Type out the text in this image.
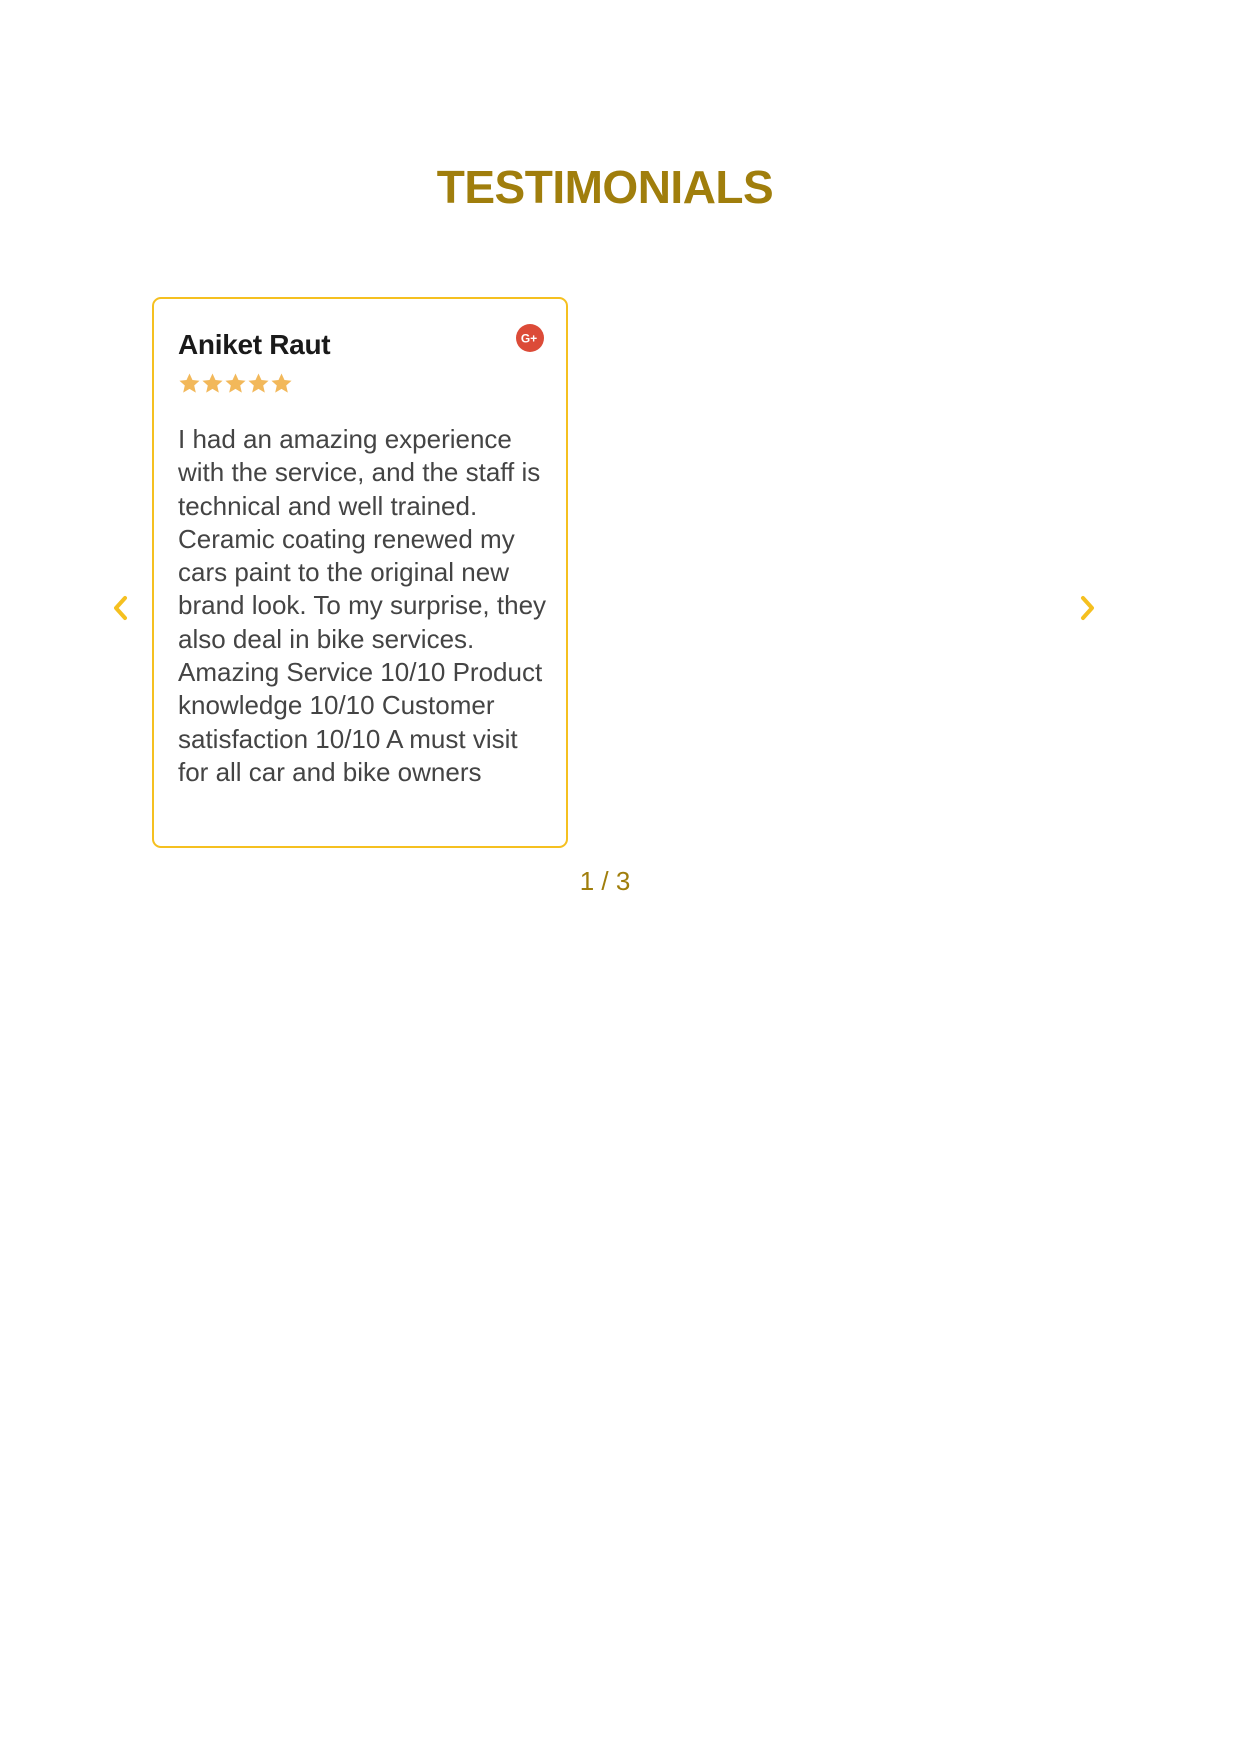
TESTIMONIALS
Aniket Raut	G+

I had an amazing experience with the service, and the staff is technical and well trained. Ceramic coating renewed my cars paint to the original new brand look. To my surprise, they also deal in bike services. Amazing Service 10/10 Product knowledge 10/10 Customer satisfaction 10/10 A must visit for all car and bike owners

1 / 3
